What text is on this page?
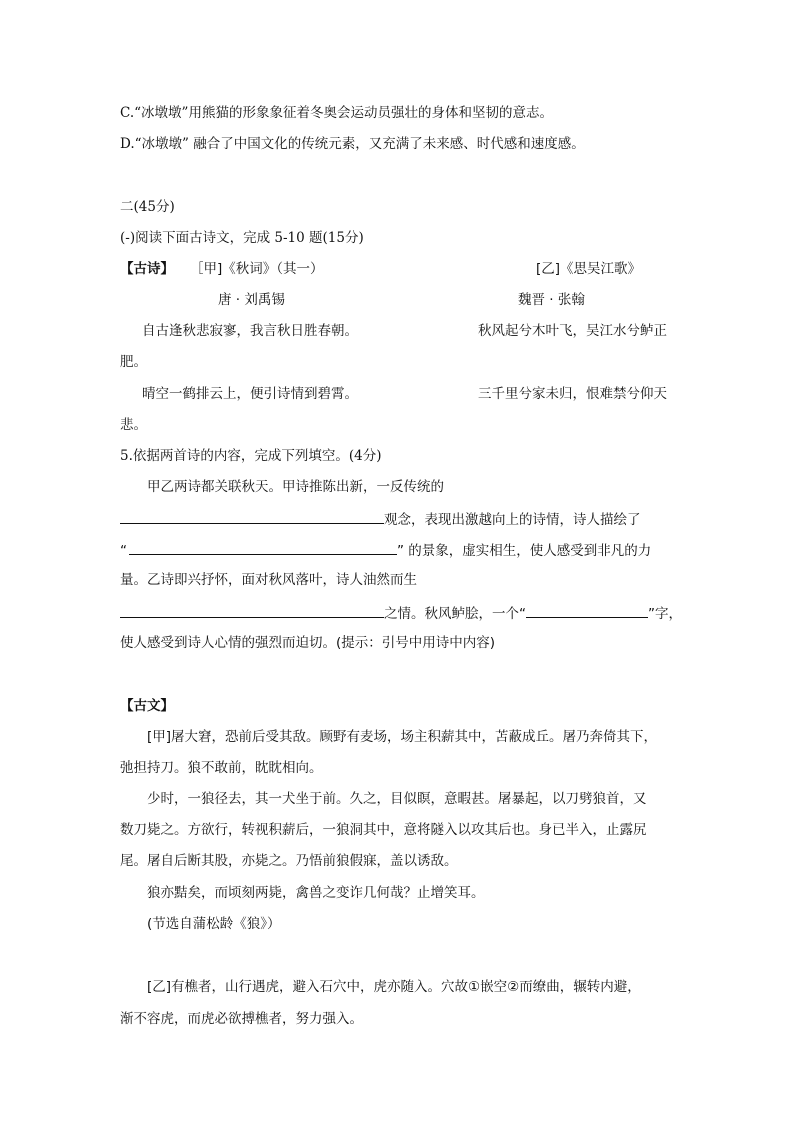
C.“冰墩墩”用熊猫的形象象征着冬奥会运动员强壮的身体和坚韧的意志。
D.“冰墩墩” 融合了中国文化的传统元素，又充满了未来感、时代感和速度感。
二(45分)
(-)阅读下面古诗文，完成 5-10 题(15分)
【古诗】 ［甲]《秋词》（其一）	[乙]《思吴江歌》
唐 · 刘禹锡	魏晋 · 张翰
自古逢秋悲寂寥，我言秋日胜春朝。	秋风起兮木叶飞，吴江水兮鲈正
肥。
晴空一鹤排云上，便引诗情到碧霄。	三千里兮家未归，恨难禁兮仰天
悲。
5.依据两首诗的内容，完成下列填空。(4分)
甲乙两诗都关联秋天。甲诗推陈出新，一反传统的
观念，表现出激越向上的诗情，诗人描绘了
“	” 的景象，虚实相生，使人感受到非凡的力
量。乙诗即兴抒怀，面对秋风落叶，诗人油然而生
之情。秋风鲈脍，一个“	”字，
使人感受到诗人心情的强烈而迫切。(提示：引号中用诗中内容)
【古文】
[甲]屠大窘，恐前后受其敌。顾野有麦场，场主积薪其中，苫蔽成丘。屠乃奔倚其下，
弛担持刀。狼不敢前，眈眈相向。
少时，一狼径去，其一犬坐于前。久之，目似瞑，意暇甚。屠暴起，以刀劈狼首，又
数刀毙之。方欲行，转视积薪后，一狼洞其中，意将隧入以攻其后也。身已半入，止露尻
尾。屠自后断其股，亦毙之。乃悟前狼假寐，盖以诱敌。
狼亦黠矣，而顷刻两毙，禽兽之变诈几何哉？止增笑耳。
(节选自蒲松龄《狼》）
[乙]有樵者，山行遇虎，避入石穴中，虎亦随入。穴故①嵌空②而缭曲，辗转内避，
渐不容虎，而虎必欲搏樵者，努力强入。
